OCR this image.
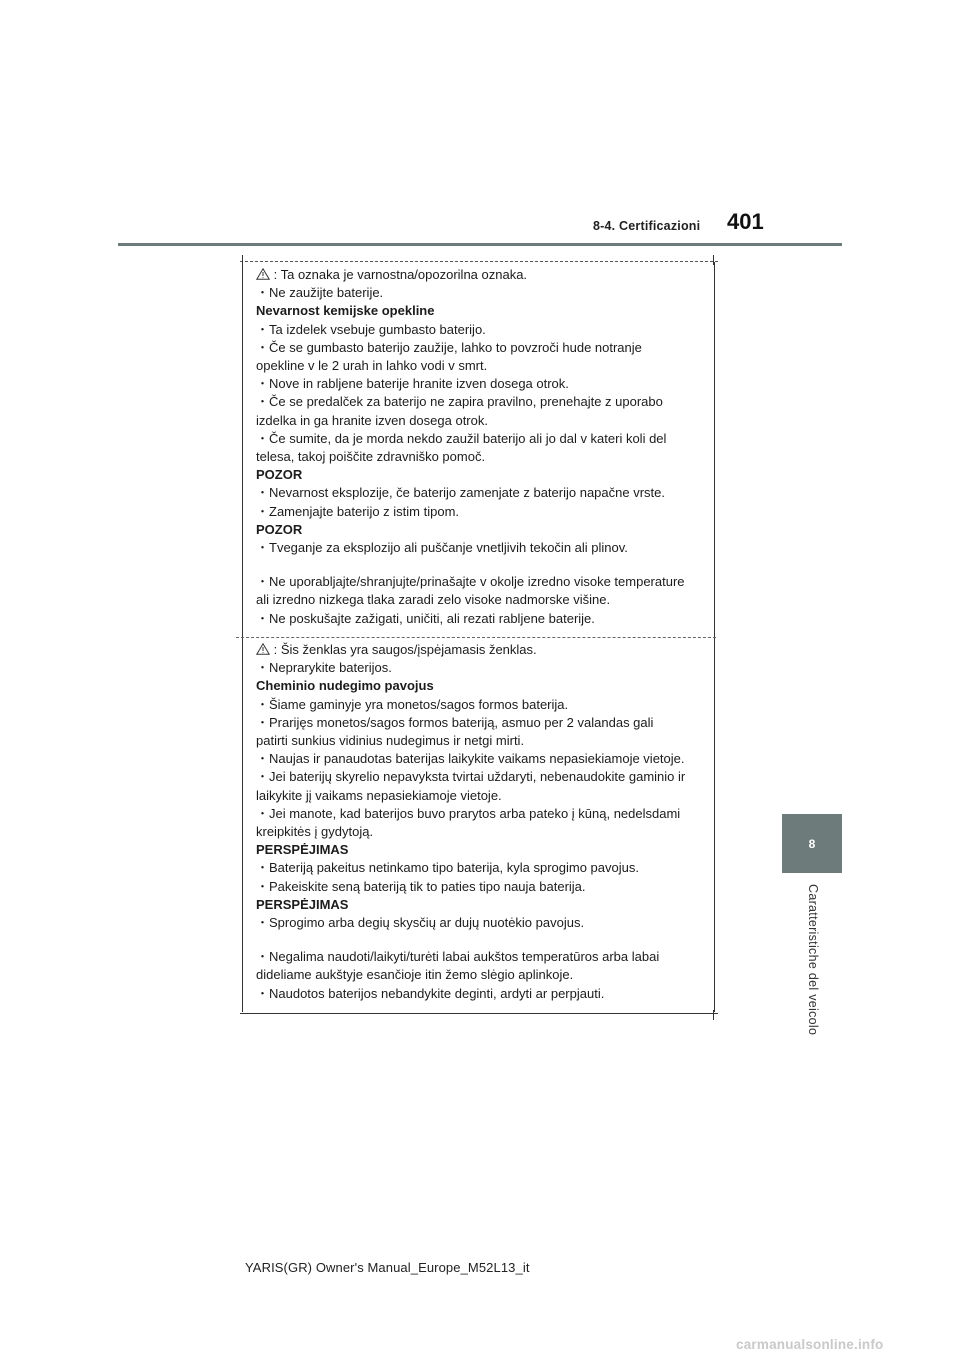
8-4. Certificazioni 401
8
Caratteristiche del veicolo

: Ta oznaka je varnostna/opozorilna oznaka.

・Ne zaužijte baterije.

Nevarnost kemijske opekline

・Ta izdelek vsebuje gumbasto baterijo.

・Če se gumbasto baterijo zaužije, lahko to povzroči hude notranje

opekline v le 2 urah in lahko vodi v smrt.

・Nove in rabljene baterije hranite izven dosega otrok.

・Če se predalček za baterijo ne zapira pravilno, prenehajte z uporabo

izdelka in ga hranite izven dosega otrok.

・Če sumite, da je morda nekdo zaužil baterijo ali jo dal v kateri koli del

telesa, takoj poiščite zdravniško pomoč.

POZOR

・Nevarnost eksplozije, če baterijo zamenjate z baterijo napačne vrste.

・Zamenjajte baterijo z istim tipom.

POZOR

・Tveganje za eksplozijo ali puščanje vnetljivih tekočin ali plinov.

・Ne uporabljajte/shranjujte/prinašajte v okolje izredno visoke temperature

ali izredno nizkega tlaka zaradi zelo visoke nadmorske višine.

・Ne poskušajte zažigati, uničiti, ali rezati rabljene baterije.

: Šis ženklas yra saugos/įspėjamasis ženklas.

・Neprarykite baterijos.

Cheminio nudegimo pavojus

・Šiame gaminyje yra monetos/sagos formos baterija.

・Prarijęs monetos/sagos formos bateriją, asmuo per 2 valandas gali

patirti sunkius vidinius nudegimus ir netgi mirti.

・Naujas ir panaudotas baterijas laikykite vaikams nepasiekiamoje vietoje.

・Jei baterijų skyrelio nepavyksta tvirtai uždaryti, nebenaudokite gaminio ir

laikykite jį vaikams nepasiekiamoje vietoje.

・Jei manote, kad baterijos buvo prarytos arba pateko į kūną, nedelsdami

kreipkitės į gydytoją.

PERSPĖJIMAS

・Bateriją pakeitus netinkamo tipo baterija, kyla sprogimo pavojus.

・Pakeiskite seną bateriją tik to paties tipo nauja baterija.

PERSPĖJIMAS

・Sprogimo arba degių skysčių ar dujų nuotėkio pavojus.

・Negalima naudoti/laikyti/turėti labai aukštos temperatūros arba labai

dideliame aukštyje esančioje itin žemo slėgio aplinkoje.

・Naudotos baterijos nebandykite deginti, ardyti ar perpjauti.

YARIS(GR) Owner's Manual_Europe_M52L13_it
carmanualsonline.info
